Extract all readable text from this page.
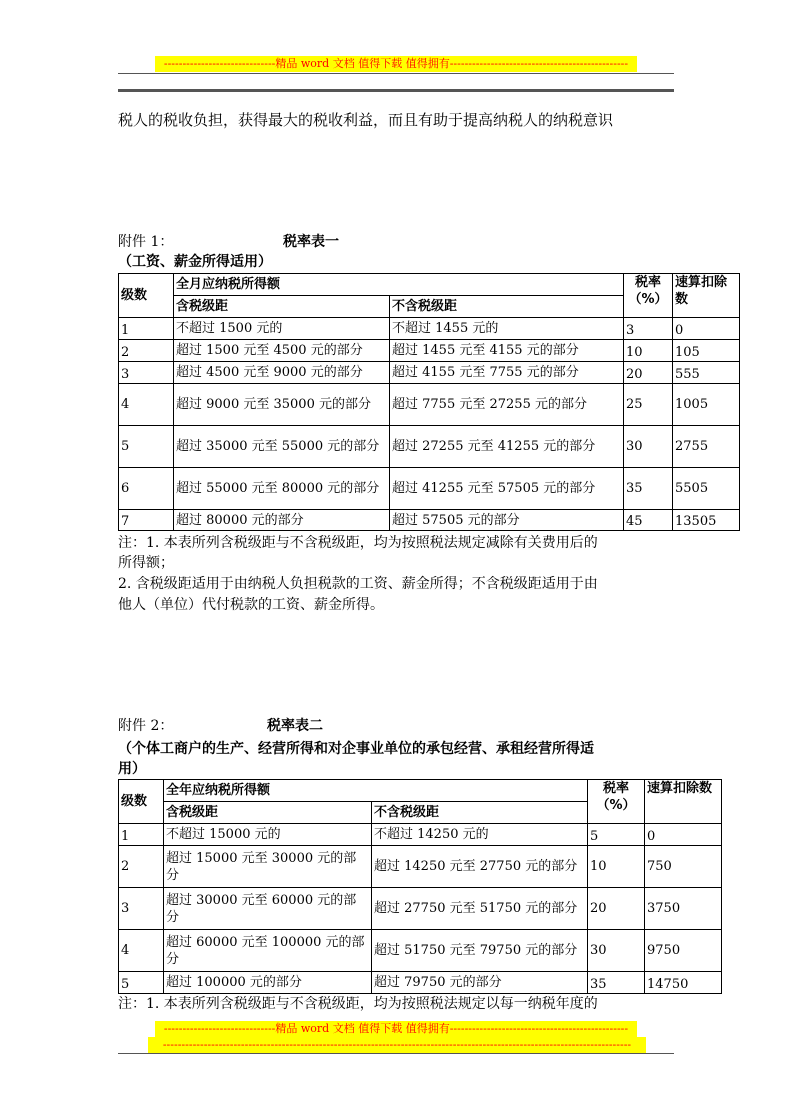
------------------------------精品 word 文档 值得下载 值得拥有------------------------------------------------
税人的税收负担，获得最大的税收利益，而且有助于提高纳税人的纳税意识
附件 1：	税率表一
（工资、薪金所得适用）
级数	全月应纳税所得额		税率（%）	速算扣除数
	含税级距	不含税级距		
1	不超过 1500 元的	不超过 1455 元的	3	0
2	超过 1500 元至 4500 元的部分	超过 1455 元至 4155 元的部分	10	105
3	超过 4500 元至 9000 元的部分	超过 4155 元至 7755 元的部分	20	555
4	超过 9000 元至 35000 元的部分	超过 7755 元至 27255 元的部分	25	1005
5	超过 35000 元至 55000 元的部分	超过 27255 元至 41255 元的部分	30	2755
6	超过 55000 元至 80000 元的部分	超过 41255 元至 57505 元的部分	35	5505
7	超过 80000 元的部分	超过 57505 元的部分	45	13505
注：1. 本表所列含税级距与不含税级距，均为按照税法规定减除有关费用后的
所得额；
2. 含税级距适用于由纳税人负担税款的工资、薪金所得；不含税级距适用于由
他人（单位）代付税款的工资、薪金所得。
附件 2：	税率表二
（个体工商户的生产、经营所得和对企事业单位的承包经营、承租经营所得适
用）
级数	全年应纳税所得额		税率（%）	速算扣除数
	含税级距	不含税级距		
1	不超过 15000 元的	不超过 14250 元的	5	0
2	超过 15000 元至 30000 元的部分	超过 14250 元至 27750 元的部分	10	750
3	超过 30000 元至 60000 元的部分	超过 27750 元至 51750 元的部分	20	3750
4	超过 60000 元至 100000 元的部分	超过 51750 元至 79750 元的部分	30	9750
5	超过 100000 元的部分	超过 79750 元的部分	35	14750
注：1. 本表所列含税级距与不含税级距，均为按照税法规定以每一纳税年度的
------------------------------精品 word 文档 值得下载 值得拥有------------------------------------------------
------------------------------------------------------------------------------------------------------------------------------
